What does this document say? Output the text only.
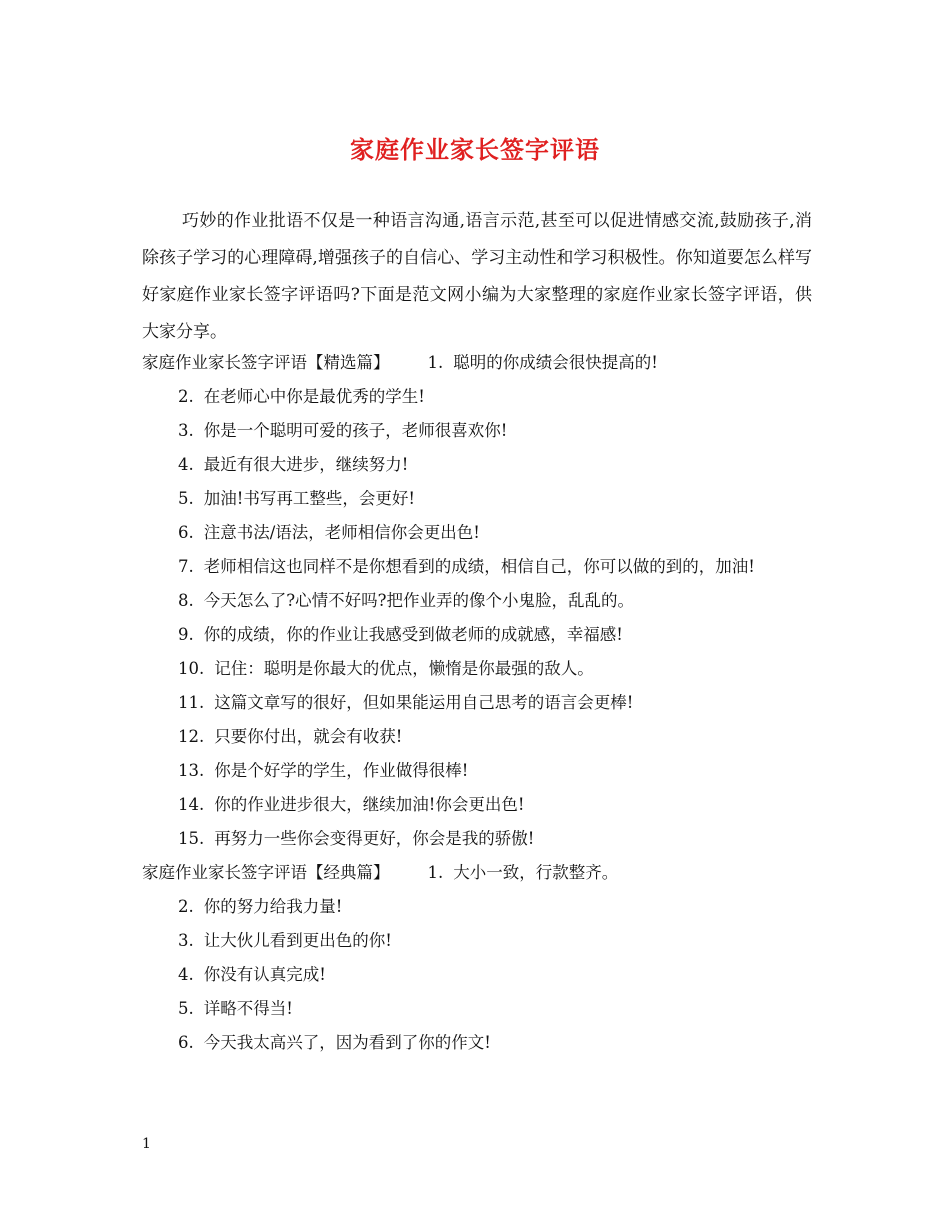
家庭作业家长签字评语
巧妙的作业批语不仅是一种语言沟通,语言示范,甚至可以促进情感交流,鼓励孩子,消除孩子学习的心理障碍,增强孩子的自信心、学习主动性和学习积极性。你知道要怎么样写好家庭作业家长签字评语吗?下面是范文网小编为大家整理的家庭作业家长签字评语，供大家分享。
家庭作业家长签字评语【精选篇】 1. 聪明的你成绩会很快提高的!
2. 在老师心中你是最优秀的学生!
3. 你是一个聪明可爱的孩子，老师很喜欢你!
4. 最近有很大进步，继续努力!
5. 加油!书写再工整些，会更好!
6. 注意书法/语法，老师相信你会更出色!
7. 老师相信这也同样不是你想看到的成绩，相信自己，你可以做的到的，加油!
8. 今天怎么了?心情不好吗?把作业弄的像个小鬼脸，乱乱的。
9. 你的成绩，你的作业让我感受到做老师的成就感，幸福感!
10. 记住：聪明是你最大的优点，懒惰是你最强的敌人。
11. 这篇文章写的很好，但如果能运用自己思考的语言会更棒!
12. 只要你付出，就会有收获!
13. 你是个好学的学生，作业做得很棒!
14. 你的作业进步很大，继续加油!你会更出色!
15. 再努力一些你会变得更好，你会是我的骄傲!
家庭作业家长签字评语【经典篇】 1. 大小一致，行款整齐。
2. 你的努力给我力量!
3. 让大伙儿看到更出色的你!
4. 你没有认真完成!
5. 详略不得当!
6. 今天我太高兴了，因为看到了你的作文!
1
